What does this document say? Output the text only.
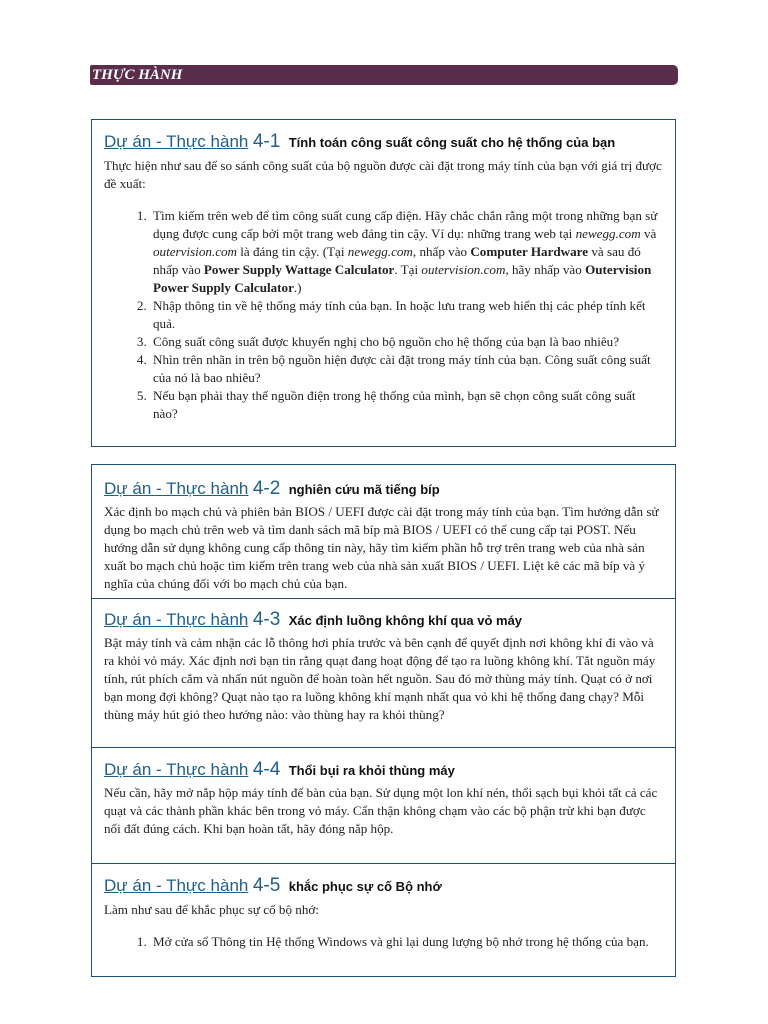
THỰC HÀNH

Dự án - Thực hành 4-1 Tính toán công suất công suất cho hệ thống của bạn

Thực hiện như sau để so sánh công suất của bộ nguồn được cài đặt trong máy tính của bạn với giá trị được đề xuất:

1. Tìm kiếm trên web để tìm công suất cung cấp điện. Hãy chắc chắn rằng một trong những bạn sử dụng được cung cấp bởi một trang web đáng tin cậy. Ví dụ: những trang web tại newegg.com và outervision.com là đáng tin cậy. (Tại newegg.com, nhấp vào Computer Hardware và sau đó nhấp vào Power Supply Wattage Calculator. Tại outervision.com, hãy nhấp vào Outervision Power Supply Calculator.)
2. Nhập thông tin về hệ thống máy tính của bạn. In hoặc lưu trang web hiển thị các phép tính kết quả.
3. Công suất công suất được khuyến nghị cho bộ nguồn cho hệ thống của bạn là bao nhiêu?
4. Nhìn trên nhãn in trên bộ nguồn hiện được cài đặt trong máy tính của bạn. Công suất công suất của nó là bao nhiêu?
5. Nếu bạn phải thay thế nguồn điện trong hệ thống của mình, bạn sẽ chọn công suất công suất nào?

Dự án - Thực hành 4-2 nghiên cứu mã tiếng bíp

Xác định bo mạch chủ và phiên bản BIOS / UEFI được cài đặt trong máy tính của bạn. Tìm hướng dẫn sử dụng bo mạch chủ trên web và tìm danh sách mã bíp mà BIOS / UEFI có thể cung cấp tại POST. Nếu hướng dẫn sử dụng không cung cấp thông tin này, hãy tìm kiếm phần hỗ trợ trên trang web của nhà sản xuất bo mạch chủ hoặc tìm kiếm trên trang web của nhà sản xuất BIOS / UEFI. Liệt kê các mã bíp và ý nghĩa của chúng đối với bo mạch chủ của bạn.

Dự án - Thực hành 4-3 Xác định luồng không khí qua vỏ máy

Bật máy tính và cảm nhận các lỗ thông hơi phía trước và bên cạnh để quyết định nơi không khí đi vào và ra khỏi vỏ máy. Xác định nơi bạn tin rằng quạt đang hoạt động để tạo ra luồng không khí. Tắt nguồn máy tính, rút phích cắm và nhấn nút nguồn để hoàn toàn hết nguồn. Sau đó mở thùng máy tính. Quạt có ở nơi bạn mong đợi không? Quạt nào tạo ra luồng không khí mạnh nhất qua vỏ khi hệ thống đang chạy? Mỗi thùng máy hút gió theo hướng nào: vào thùng hay ra khỏi thùng?

Dự án - Thực hành 4-4 Thổi bụi ra khỏi thùng máy

Nếu cần, hãy mở nắp hộp máy tính để bàn của bạn. Sử dụng một lon khí nén, thổi sạch bụi khỏi tất cả các quạt và các thành phần khác bên trong vỏ máy. Cẩn thận không chạm vào các bộ phận trừ khi bạn được nối đất đúng cách. Khi bạn hoàn tất, hãy đóng nắp hộp.

Dự án - Thực hành 4-5 khắc phục sự cố Bộ nhớ

Làm như sau để khắc phục sự cố bộ nhớ:

1. Mở cửa sổ Thông tin Hệ thống Windows và ghi lại dung lượng bộ nhớ trong hệ thống của bạn.
